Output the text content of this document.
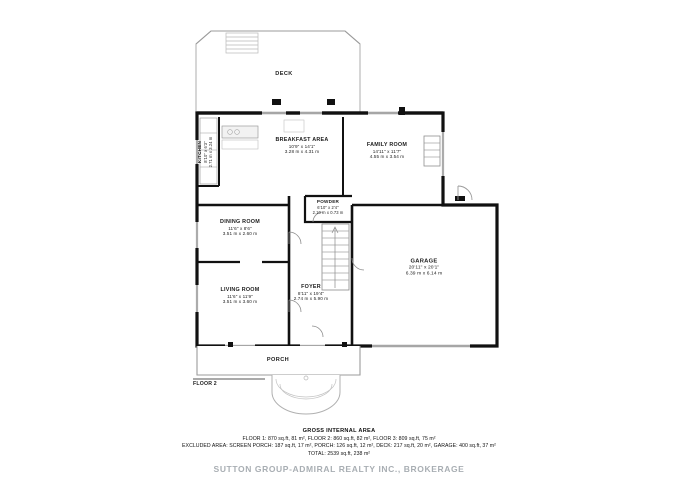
DECK
KITCHEN 8'10" x 6'3" 2.71 m x 3.24 m	BREAKFAST AREA
10'9" x 14'1"
3.28 m x 4.31 m
FAMILY ROOM
14'11" x 11'7"
4.55 m x 3.54 m
POWDER
6'10" x 2'4"
2.10 m x 0.73 m
DINING ROOM
11'6" x 8'6"
3.51 m x 2.60 m
GARAGE
20'11" x 20'1"
6.39 m x 6.14 m
LIVING ROOM
11'6" x 11'9"
3.51 m x 3.60 m
FOYER
8'11" x 19'4"
2.74 m x 5.90 m
PORCH
FLOOR 2
GROSS INTERNAL AREA
FLOOR 1: 870 sq.ft, 81 m², FLOOR 2: 860 sq.ft, 82 m², FLOOR 3: 809 sq.ft, 75 m²
EXCLUDED AREA: SCREEN PORCH: 187 sq.ft, 17 m², PORCH: 126 sq.ft, 12 m², DECK: 217 sq.ft, 20 m², GARAGE: 400 sq.ft, 37 m²
TOTAL: 2539 sq.ft, 238 m²
SUTTON GROUP-ADMIRAL REALTY INC., BROKERAGE
